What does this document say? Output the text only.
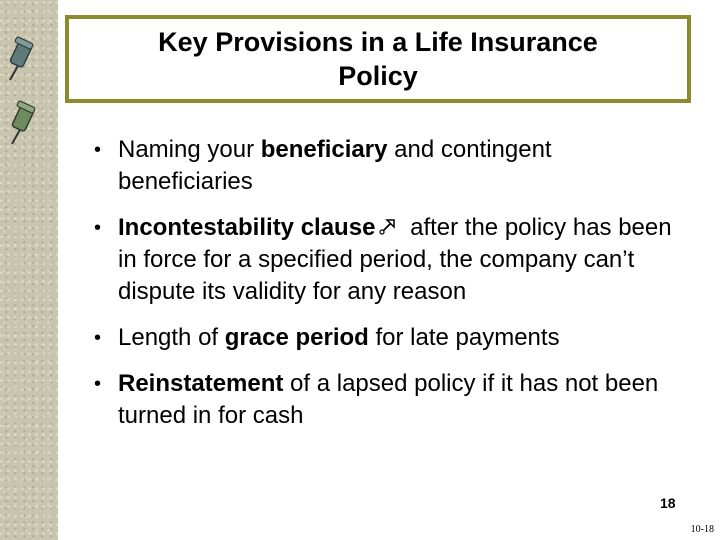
Key Provisions in a Life Insurance Policy
• Naming your beneficiary and contingent beneficiaries
• Incontestability clause after the policy has been in force for a specified period, the company can’t dispute its validity for any reason
• Length of grace period for late payments
• Reinstatement of a lapsed policy if it has not been turned in for cash
18
10-18
